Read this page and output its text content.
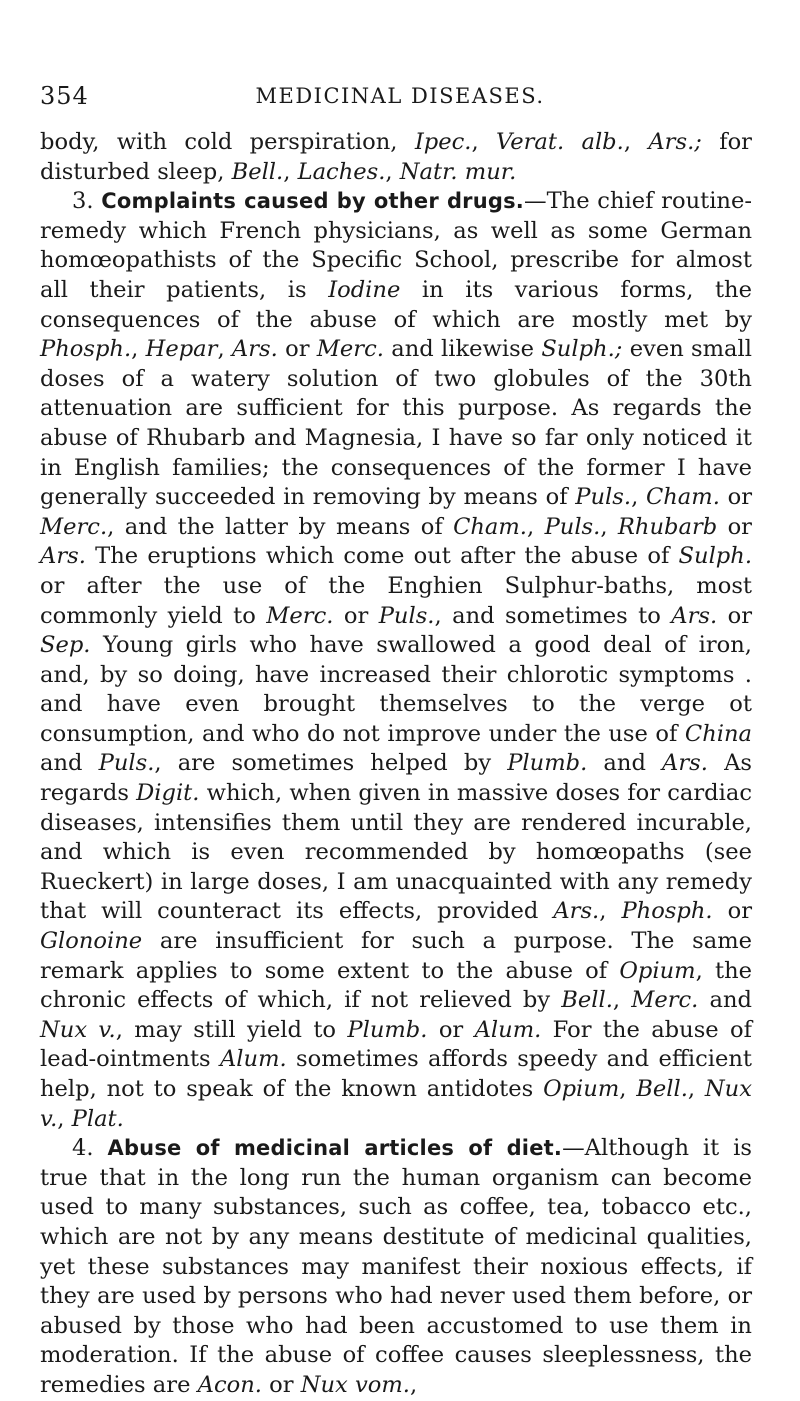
354	MEDICINAL DISEASES.

body, with cold perspiration, Ipec., Verat. alb., Ars.; for disturbed sleep, Bell., Laches., Natr. mur.

3. Complaints caused by other drugs.—The chief routine-remedy which French physicians, as well as some German homœopathists of the Specific School, prescribe for almost all their patients, is Iodine in its various forms, the consequences of the abuse of which are mostly met by Phosph., Hepar, Ars. or Merc. and likewise Sulph.; even small doses of a watery solution of two globules of the 30th attenuation are sufficient for this purpose. As regards the abuse of Rhubarb and Magnesia, I have so far only noticed it in English families; the consequences of the former I have generally succeeded in removing by means of Puls., Cham. or Merc., and the latter by means of Cham., Puls., Rhubarb or Ars. The eruptions which come out after the abuse of Sulph. or after the use of the Enghien Sulphur-baths, most commonly yield to Merc. or Puls., and sometimes to Ars. or Sep. Young girls who have swallowed a good deal of iron, and, by so doing, have increased their chlorotic symptoms . and have even brought themselves to the verge ot consumption, and who do not improve under the use of China and Puls., are sometimes helped by Plumb. and Ars. As regards Digit. which, when given in massive doses for cardiac diseases, intensifies them until they are rendered incurable, and which is even recommended by homœopaths (see Rueckert) in large doses, I am unacquainted with any remedy that will counteract its effects, provided Ars., Phosph. or Glonoine are insufficient for such a purpose. The same remark applies to some extent to the abuse of Opium, the chronic effects of which, if not relieved by Bell., Merc. and Nux v., may still yield to Plumb. or Alum. For the abuse of lead-ointments Alum. sometimes affords speedy and efficient help, not to speak of the known antidotes Opium, Bell., Nux v., Plat.

4. Abuse of medicinal articles of diet.—Although it is true that in the long run the human organism can become used to many substances, such as coffee, tea, tobacco etc., which are not by any means destitute of medicinal qualities, yet these substances may manifest their noxious effects, if they are used by persons who had never used them before, or abused by those who had been accustomed to use them in moderation. If the abuse of coffee causes sleeplessness, the remedies are Acon. or Nux vom.,
